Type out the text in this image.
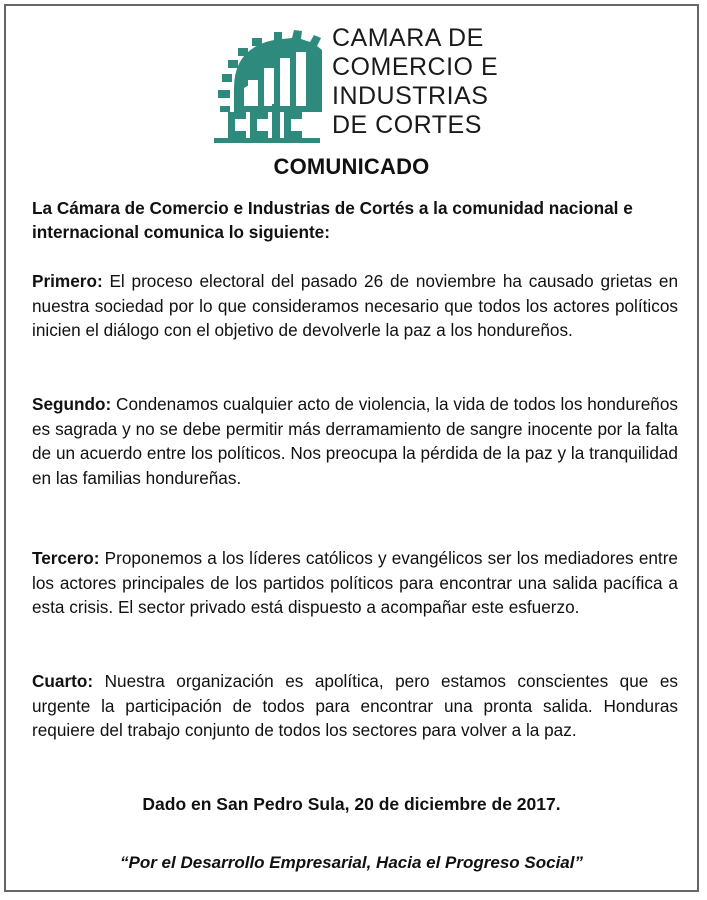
CAMARA DE
COMERCIO E
INDUSTRIAS
DE CORTES
COMUNICADO
La Cámara de Comercio e Industrias de Cortés a la comunidad nacional e internacional comunica lo siguiente:
Primero: El proceso electoral del pasado 26 de noviembre ha causado grietas en nuestra sociedad por lo que consideramos necesario que todos los actores políticos inicien el diálogo con el objetivo de devolverle la paz a los hondureños.
Segundo: Condenamos cualquier acto de violencia, la vida de todos los hondureños es sagrada y no se debe permitir más derramamiento de sangre inocente por la falta de un acuerdo entre los políticos. Nos preocupa la pérdida de la paz y la tranquilidad en las familias hondureñas.
Tercero: Proponemos a los líderes católicos y evangélicos ser los mediadores entre los actores principales de los partidos políticos para encontrar una salida pacífica a esta crisis. El sector privado está dispuesto a acompañar este esfuerzo.
Cuarto: Nuestra organización es apolítica, pero estamos conscientes que es urgente la participación de todos para encontrar una pronta salida. Honduras requiere del trabajo conjunto de todos los sectores para volver a la paz.
Dado en San Pedro Sula, 20 de diciembre de 2017.
“Por el Desarrollo Empresarial, Hacia el Progreso Social”
